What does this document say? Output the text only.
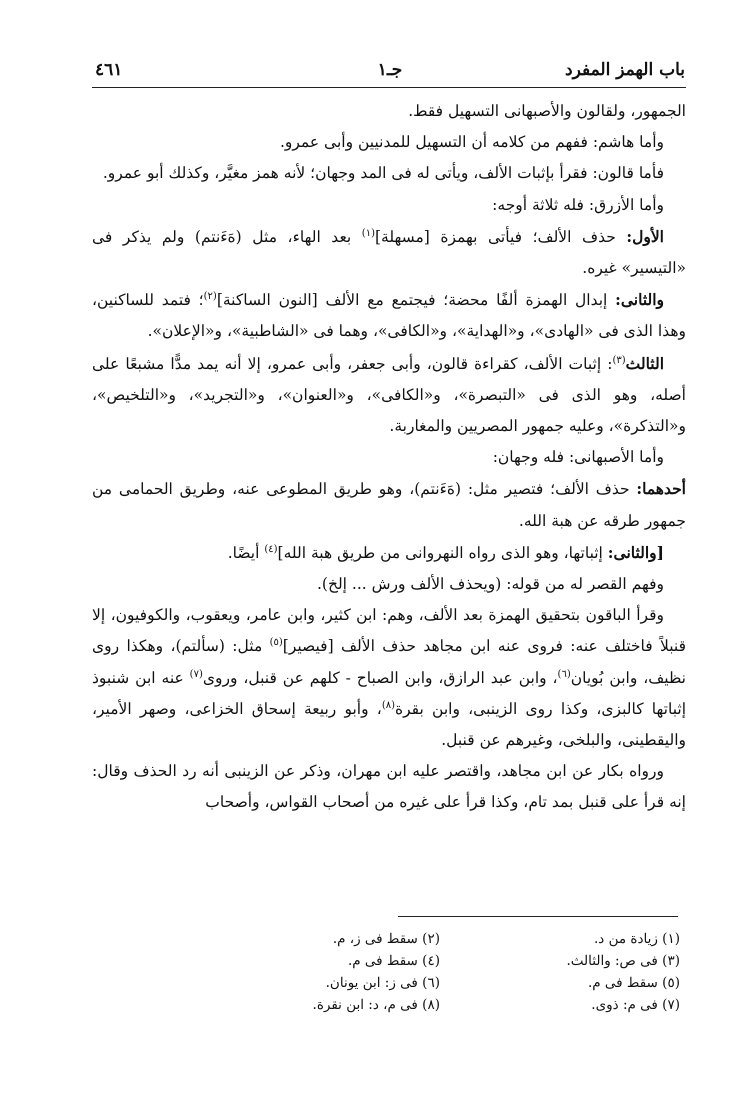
باب الهمز المفرد
جـ١
٤٦١

الجمهور، ولقالون والأصبهانى التسهيل فقط.

وأما هاشم: ففهم من كلامه أن التسهيل للمدنيين وأبى عمرو.

فأما قالون: فقرأ بإثبات الألف، ويأتى له فى المد وجهان؛ لأنه همز مغيَّر، وكذلك أبو عمرو.

وأما الأزرق: فله ثلاثة أوجه:

الأول: حذف الألف؛ فيأتى بهمزة [مسهلة]$^{(١)}$ بعد الهاء، مثل (هَءَنتم) ولم يذكر فى «التيسير» غيره.

والثانى: إبدال الهمزة ألفًا محضة؛ فيجتمع مع الألف [النون الساكنة]$^{(٢)}$؛ فتمد للساكنين، وهذا الذى فى «الهادى»، و«الهداية»، و«الكافى»، وهما فى «الشاطبية»، و«الإعلان».

الثالث$^{(٣)}$: إثبات الألف، كقراءة قالون، وأبى جعفر، وأبى عمرو، إلا أنه يمد مدًّا مشبعًا على أصله، وهو الذى فى «التبصرة»، و«الكافى»، و«العنوان»، و«التجريد»، و«التلخيص»، و«التذكرة»، وعليه جمهور المصريين والمغاربة.

وأما الأصبهانى: فله وجهان:

أحدهما: حذف الألف؛ فتصير مثل: (هَءَنتم)، وهو طريق المطوعى عنه، وطريق الحمامى من جمهور طرقه عن هبة الله.

[والثانى: إثباتها، وهو الذى رواه النهروانى من طريق هبة الله]$^{(٤)}$ أيضًا.

وفهم القصر له من قوله: (ويحذف الألف ورش ... إلخ).

وقرأ الباقون بتحقيق الهمزة بعد الألف، وهم: ابن كثير، وابن عامر، ويعقوب، والكوفيون، إلا قنبلاً فاختلف عنه: فروى عنه ابن مجاهد حذف الألف [فيصير]$^{(٥)}$ مثل: (سألتم)، وهكذا روى نظيف، وابن بُويان$^{(٦)}$، وابن عبد الرازق، وابن الصباح - كلهم عن قنبل، وروى$^{(٧)}$ عنه ابن شنبوذ إثباتها كالبزى، وكذا روى الزينبى، وابن بقرة$^{(٨)}$، وأبو ربيعة إسحاق الخزاعى، وصهر الأمير، واليقطينى، والبلخى، وغيرهم عن قنبل.

ورواه بكار عن ابن مجاهد، واقتصر عليه ابن مهران، وذكر عن الزينبى أنه رد الحذف وقال: إنه قرأ على قنبل بمد تام، وكذا قرأ على غيره من أصحاب القواس، وأصحاب

(١) زيادة من د.
(٢) سقط فى ز، م.
(٣) فى ص: والثالث.
(٤) سقط فى م.
(٥) سقط فى م.
(٦) فى ز: ابن يونان.
(٧) فى م: ذوى.
(٨) فى م، د: ابن نقرة.
